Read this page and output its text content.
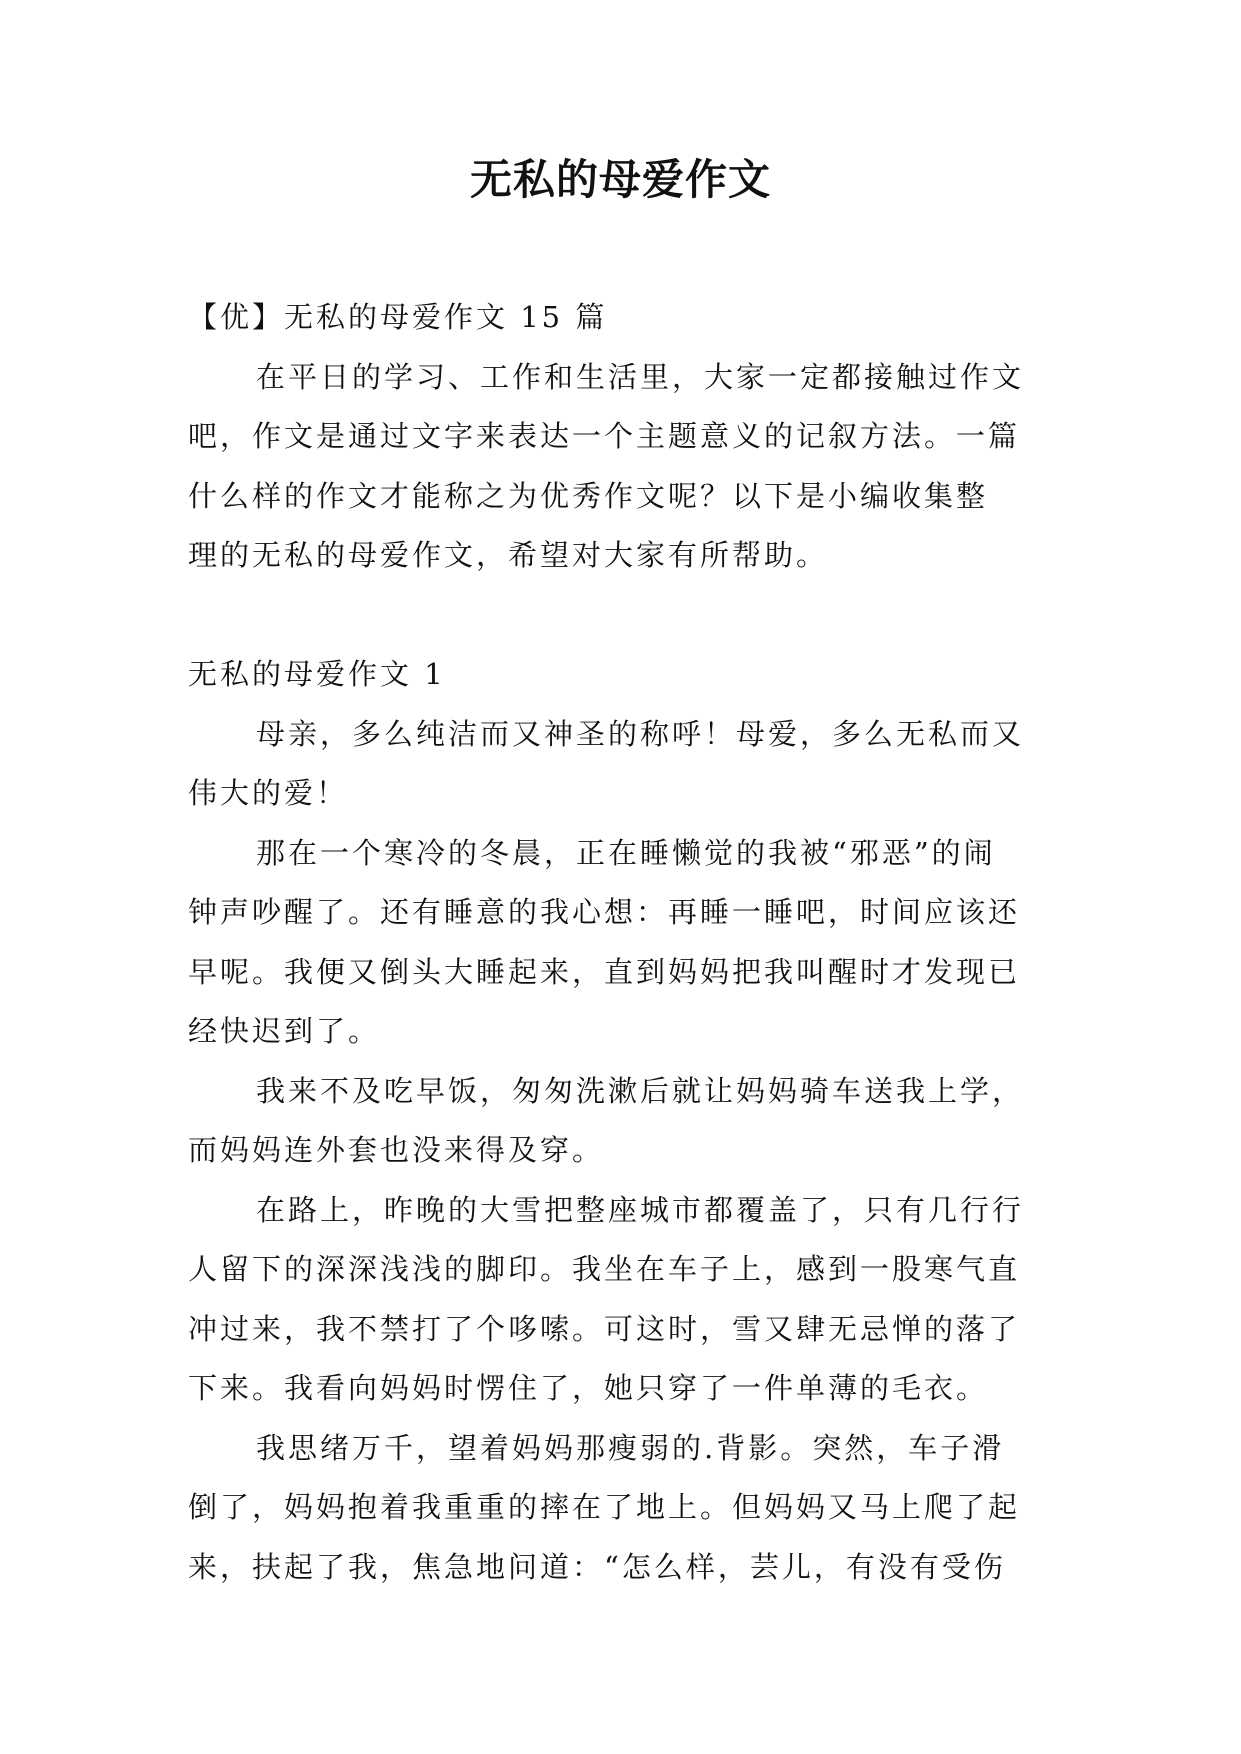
无私的母爱作文

【优】无私的母爱作文 15 篇

在平日的学习、工作和生活里，大家一定都接触过作文
吧，作文是通过文字来表达一个主题意义的记叙方法。一篇
什么样的作文才能称之为优秀作文呢？以下是小编收集整
理的无私的母爱作文，希望对大家有所帮助。

无私的母爱作文 1

母亲，多么纯洁而又神圣的称呼！母爱，多么无私而又
伟大的爱！

那在一个寒冷的冬晨，正在睡懒觉的我被“邪恶”的闹
钟声吵醒了。还有睡意的我心想：再睡一睡吧，时间应该还
早呢。我便又倒头大睡起来，直到妈妈把我叫醒时才发现已
经快迟到了。

我来不及吃早饭，匆匆洗漱后就让妈妈骑车送我上学，
而妈妈连外套也没来得及穿。

在路上，昨晚的大雪把整座城市都覆盖了，只有几行行
人留下的深深浅浅的脚印。我坐在车子上，感到一股寒气直
冲过来，我不禁打了个哆嗦。可这时，雪又肆无忌惮的落了
下来。我看向妈妈时愣住了，她只穿了一件单薄的毛衣。

我思绪万千，望着妈妈那瘦弱的.背影。突然，车子滑
倒了，妈妈抱着我重重的摔在了地上。但妈妈又马上爬了起
来，扶起了我，焦急地问道：“怎么样，芸儿，有没有受伤
